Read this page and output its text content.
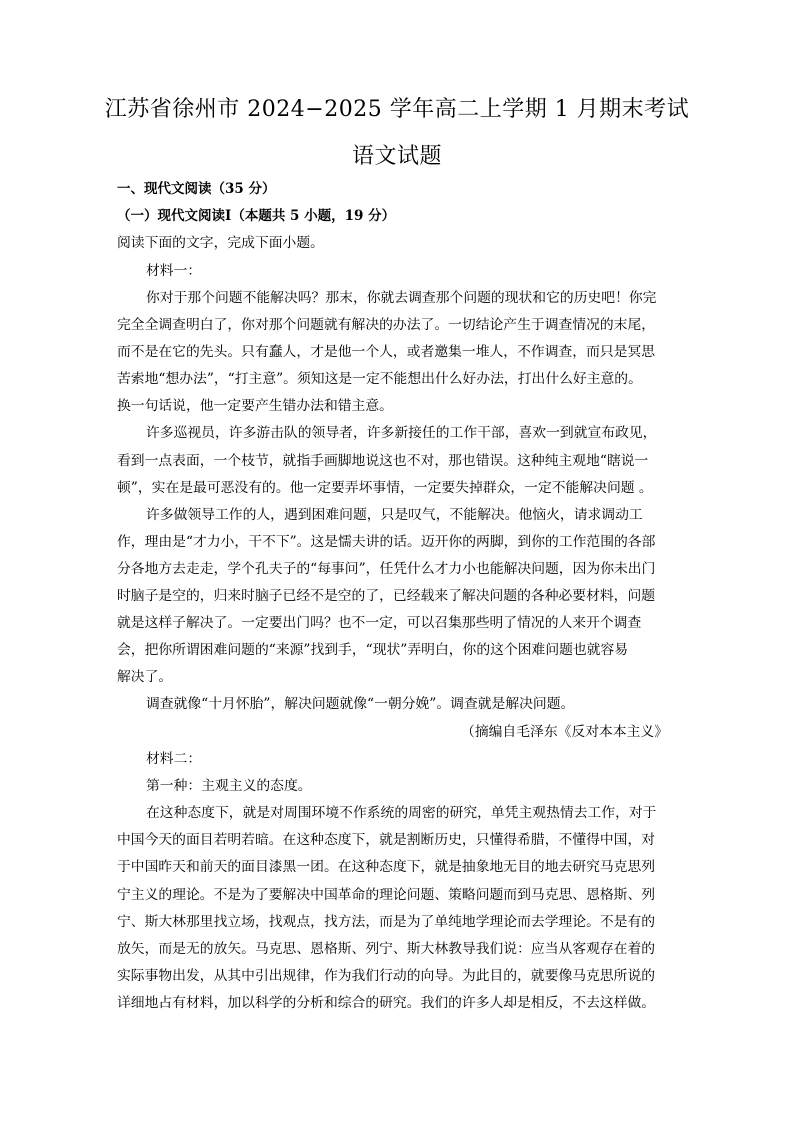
江苏省徐州市 2024−2025 学年高二上学期 1 月期末考试
语文试题
一、现代文阅读（35 分）
（一）现代文阅读Ⅰ（本题共 5 小题，19 分）
阅读下面的文字，完成下面小题。
材料一：
你对于那个问题不能解决吗？那末，你就去调查那个问题的现状和它的历史吧！你完
完全全调查明白了，你对那个问题就有解决的办法了。一切结论产生于调查情况的末尾，
而不是在它的先头。只有蠢人，才是他一个人，或者邀集一堆人，不作调查，而只是冥思
苦索地“想办法”，“打主意”。须知这是一定不能想出什么好办法，打出什么好主意的。
换一句话说，他一定要产生错办法和错主意。
许多巡视员，许多游击队的领导者，许多新接任的工作干部，喜欢一到就宣布政见，
看到一点表面，一个枝节，就指手画脚地说这也不对，那也错误。这种纯主观地“瞎说一
顿”，实在是最可恶没有的。他一定要弄坏事情，一定要失掉群众，一定不能解决问题 。
许多做领导工作的人，遇到困难问题，只是叹气，不能解决。他恼火，请求调动工
作，理由是“才力小，干不下”。这是懦夫讲的话。迈开你的两脚，到你的工作范围的各部
分各地方去走走，学个孔夫子的“每事问”，任凭什么才力小也能解决问题，因为你未出门
时脑子是空的，归来时脑子已经不是空的了，已经载来了解决问题的各种必要材料，问题
就是这样子解决了。一定要出门吗？也不一定，可以召集那些明了情况的人来开个调查
会，把你所谓困难问题的“来源”找到手，“现状”弄明白，你的这个困难问题也就容易
解决了。
调查就像“十月怀胎”，解决问题就像“一朝分娩”。调查就是解决问题。
（摘编自毛泽东《反对本本主义》
材料二：
第一种：主观主义的态度。
在这种态度下，就是对周围环境不作系统的周密的研究，单凭主观热情去工作，对于
中国今天的面目若明若暗。在这种态度下，就是割断历史，只懂得希腊，不懂得中国，对
于中国昨天和前天的面目漆黑一团。在这种态度下，就是抽象地无目的地去研究马克思列
宁主义的理论。不是为了要解决中国革命的理论问题、策略问题而到马克思、恩格斯、列
宁、斯大林那里找立场，找观点，找方法，而是为了单纯地学理论而去学理论。不是有的
放矢，而是无的放矢。马克思、恩格斯、列宁、斯大林教导我们说：应当从客观存在着的
实际事物出发，从其中引出规律，作为我们行动的向导。为此目的，就要像马克思所说的
详细地占有材料，加以科学的分析和综合的研究。我们的许多人却是相反，不去这样做。
